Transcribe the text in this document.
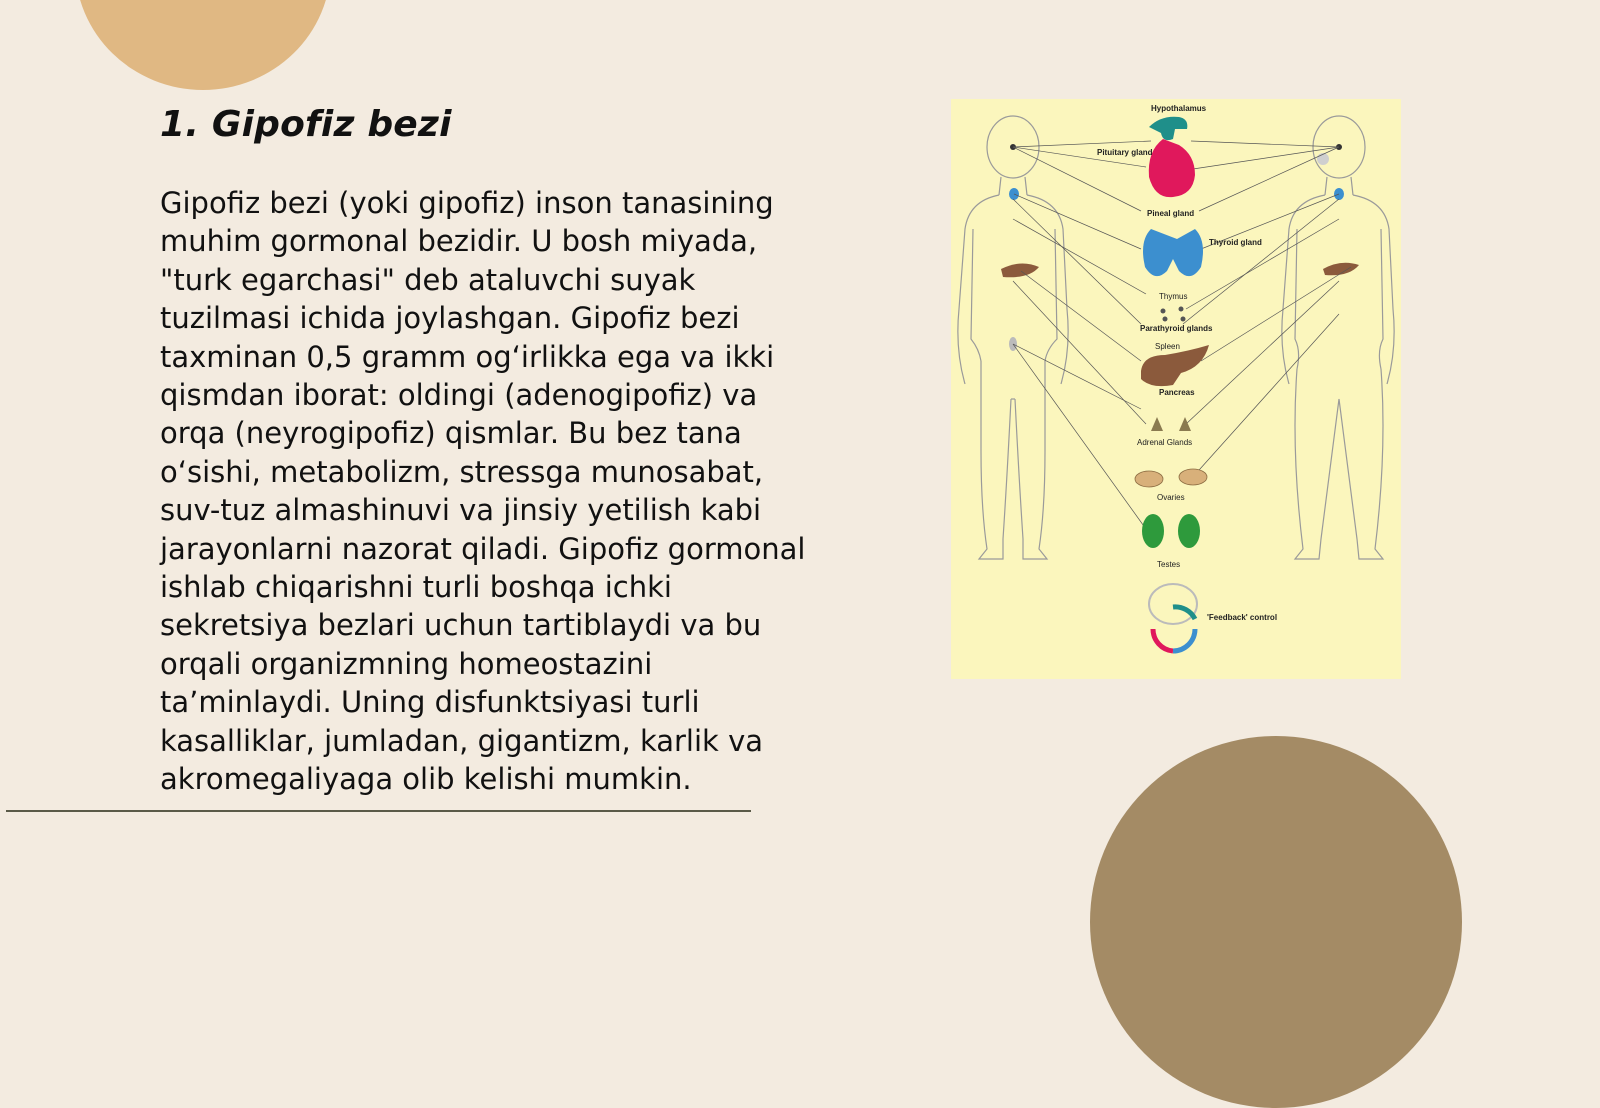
1. Gipofiz bezi

Gipofiz bezi (yoki gipofiz) inson tanasining
muhim gormonal bezidir. U bosh miyada,
"turk egarchasi" deb ataluvchi suyak
tuzilmasi ichida joylashgan. Gipofiz bezi
taxminan 0,5 gramm og‘irlikka ega va ikki
qismdan iborat: oldingi (adenogipofiz) va
orqa (neyrogipofiz) qismlar. Bu bez tana
o‘sishi, metabolizm, stressga munosabat,
suv-tuz almashinuvi va jinsiy yetilish kabi
jarayonlarni nazorat qiladi. Gipofiz gormonal
ishlab chiqarishni turli boshqa ichki
sekretsiya bezlari uchun tartiblaydi va bu
orqali organizmning homeostazini
ta’minlaydi. Uning disfunktsiyasi turli
kasalliklar, jumladan, gigantizm, karlik va
akromegaliyaga olib kelishi mumkin.

Hypothalamus
Pituitary gland
Pineal gland
Thyroid gland
Thymus
Parathyroid glands
Spleen
Pancreas
Adrenal Glands
Ovaries
Testes
'Feedback' control
